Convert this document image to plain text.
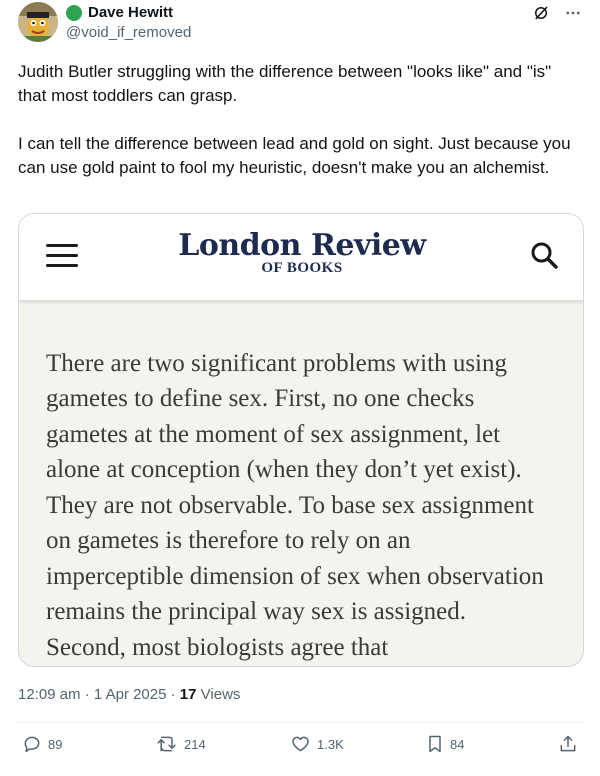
Dave Hewitt
@void_if_removed

Judith Butler struggling with the difference between "looks like" and "is" that most toddlers can grasp.

I can tell the difference between lead and gold on sight. Just because you can use gold paint to fool my heuristic, doesn't make you an alchemist.

London Review
OF BOOKS
There are two significant problems with using gametes to define sex. First, no one checks gametes at the moment of sex assignment, let alone at conception (when they don’t yet exist). They are not observable. To base sex assignment on gametes is therefore to rely on an imperceptible dimension of sex when observation remains the principal way sex is assigned. Second, most biologists agree that
12:09 am · 1 Apr 2025 · 17 Views
89	214	1.3K	84
